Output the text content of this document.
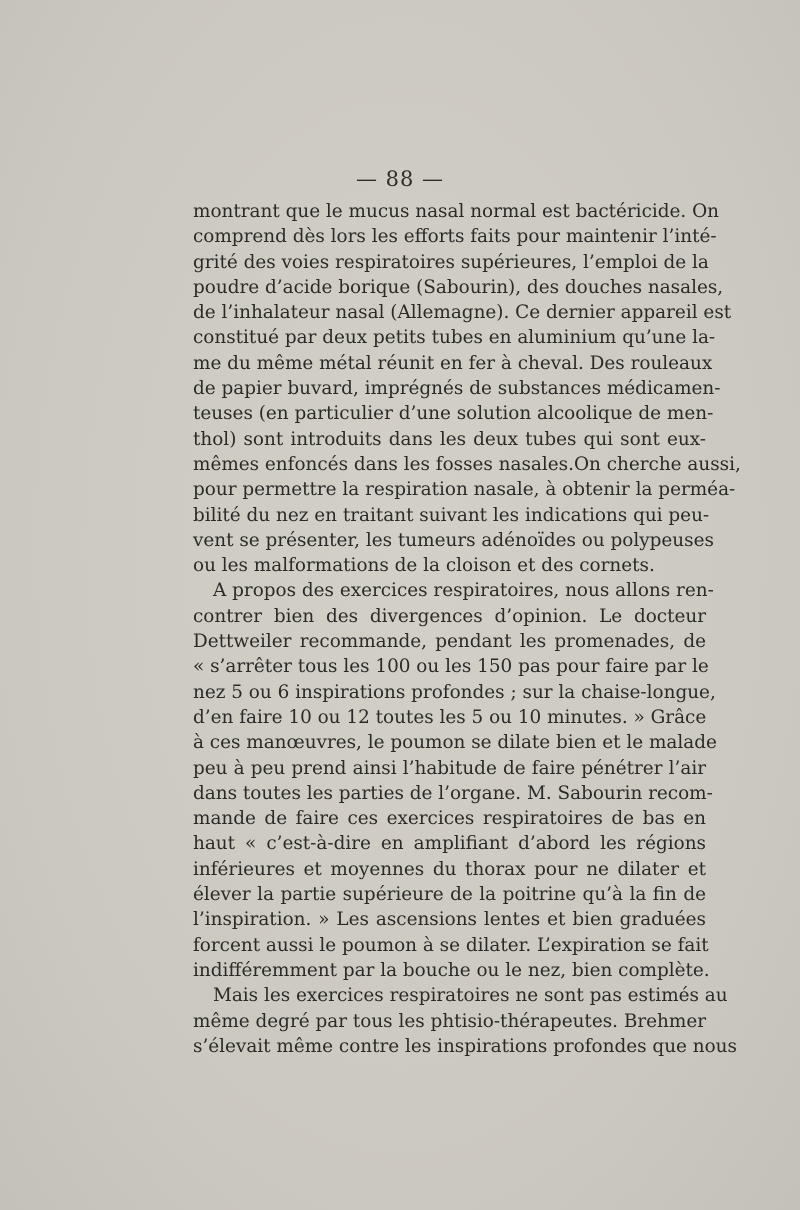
— 88 —
montrant que le mucus nasal normal est bactéricide. On
comprend dès lors les efforts faits pour maintenir l’inté-
grité des voies respiratoires supérieures, l’emploi de la
poudre d’acide borique (Sabourin), des douches nasales,
de l’inhalateur nasal (Allemagne). Ce dernier appareil est
constitué par deux petits tubes en aluminium qu’une la-
me du même métal réunit en fer à cheval. Des rouleaux
de papier buvard, imprégnés de substances médicamen-
teuses (en particulier d’une solution alcoolique de men-
thol) sont introduits dans les deux tubes qui sont eux-
mêmes enfoncés dans les fosses nasales.On cherche aussi,
pour permettre la respiration nasale, à obtenir la perméa-
bilité du nez en traitant suivant les indications qui peu-
vent se présenter, les tumeurs adénoïdes ou polypeuses
ou les malformations de la cloison et des cornets.
A propos des exercices respiratoires, nous allons ren-
contrer bien des divergences d’opinion. Le docteur
Dettweiler recommande, pendant les promenades, de
« s’arrêter tous les 100 ou les 150 pas pour faire par le
nez 5 ou 6 inspirations profondes ; sur la chaise-longue,
d’en faire 10 ou 12 toutes les 5 ou 10 minutes. » Grâce
à ces manœuvres, le poumon se dilate bien et le malade
peu à peu prend ainsi l’habitude de faire pénétrer l’air
dans toutes les parties de l’organe. M. Sabourin recom-
mande de faire ces exercices respiratoires de bas en
haut « c’est-à-dire en amplifiant d’abord les régions
inférieures et moyennes du thorax pour ne dilater et
élever la partie supérieure de la poitrine qu’à la fin de
l’inspiration. » Les ascensions lentes et bien graduées
forcent aussi le poumon à se dilater. L’expiration se fait
indifféremment par la bouche ou le nez, bien complète.
Mais les exercices respiratoires ne sont pas estimés au
même degré par tous les phtisio-thérapeutes. Brehmer
s’élevait même contre les inspirations profondes que nous
